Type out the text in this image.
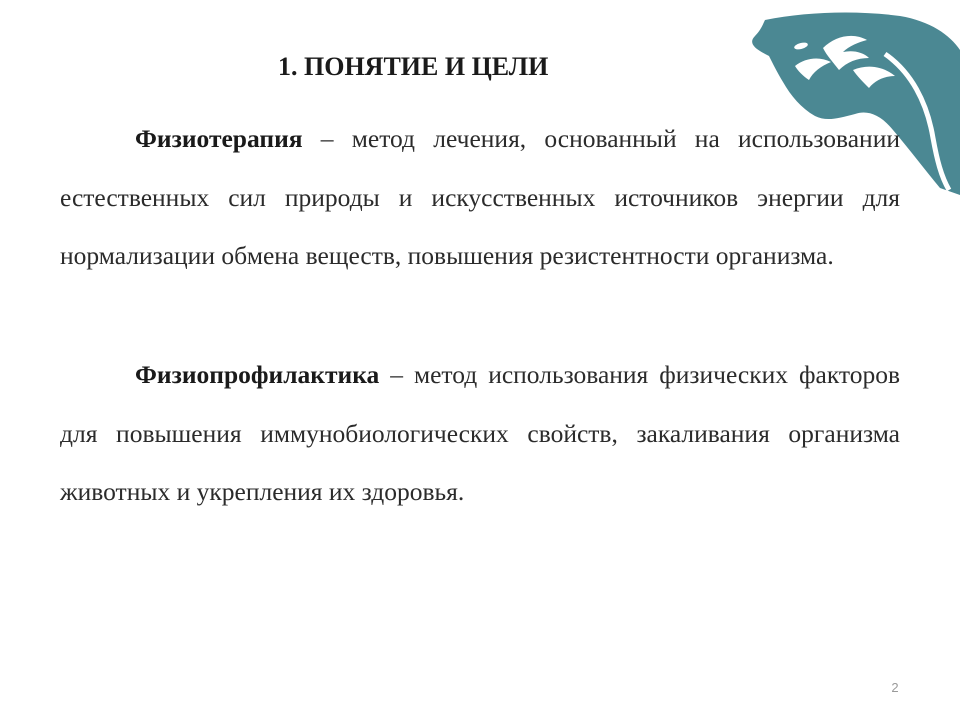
1. ПОНЯТИЕ И ЦЕЛИ

Физиотерапия – метод лечения, основанный на использовании естественных сил природы и искусственных источников энергии для нормализации обмена веществ, повышения резистентности организма.

Физиопрофилактика – метод использования физических факторов для повышения иммунобиологических свойств, закаливания организма животных и укрепления их здоровья.

2
